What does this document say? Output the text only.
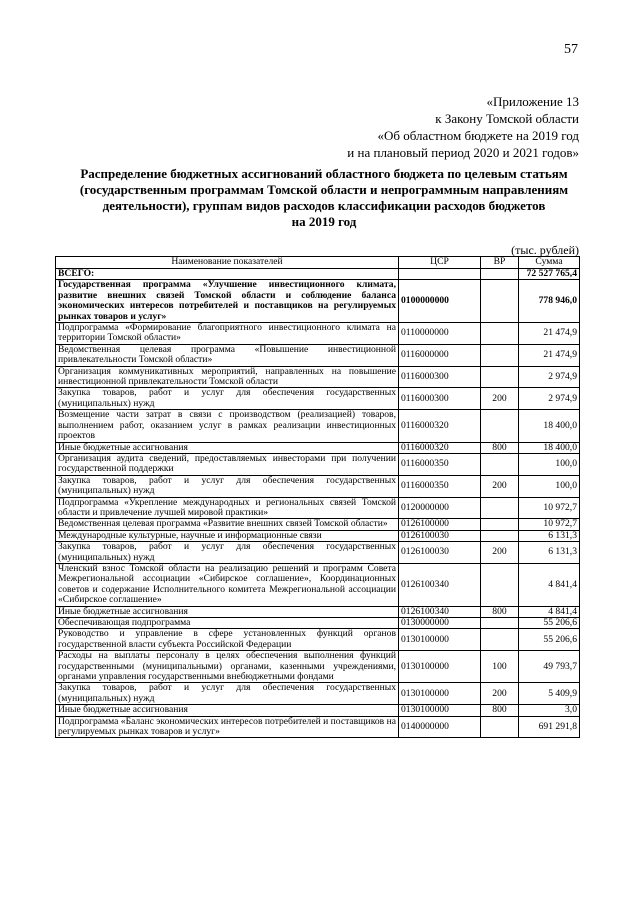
57
«Приложение 13
к Закону Томской области
«Об областном бюджете на 2019 год
и на плановый период 2020 и 2021 годов»
Распределение бюджетных ассигнований областного бюджета по целевым статьям
(государственным программам Томской области и непрограммным направлениям
деятельности), группам видов расходов классификации расходов бюджетов
на 2019 год
(тыс. рублей)
Наименование показателей	ЦСР	ВР	Сумма
ВСЕГО:			72 527 765,4
Государственная программа «Улучшение инвестиционного климата, развитие внешних связей Томской области и соблюдение баланса экономических интересов потребителей и поставщиков на регулируемых рынках товаров и услуг»	0100000000		778 946,0
Подпрограмма «Формирование благоприятного инвестиционного климата на территории Томской области»	0110000000		21 474,9
Ведомственная целевая программа «Повышение инвестиционной привлекательности Томской области»	0116000000		21 474,9
Организация коммуникативных мероприятий, направленных на повышение инвестиционной привлекательности Томской области	0116000300		2 974,9
Закупка товаров, работ и услуг для обеспечения государственных (муниципальных) нужд	0116000300	200	2 974,9
Возмещение части затрат в связи с производством (реализацией) товаров, выполнением работ, оказанием услуг в рамках реализации инвестиционных проектов	0116000320		18 400,0
Иные бюджетные ассигнования	0116000320	800	18 400,0
Организация аудита сведений, предоставляемых инвесторами при получении государственной поддержки	0116000350		100,0
Закупка товаров, работ и услуг для обеспечения государственных (муниципальных) нужд	0116000350	200	100,0
Подпрограмма «Укрепление международных и региональных связей Томской области и привлечение лучшей мировой практики»	0120000000		10 972,7
Ведомственная целевая программа «Развитие внешних связей Томской области»	0126100000		10 972,7
Международные культурные, научные и информационные связи	0126100030		6 131,3
Закупка товаров, работ и услуг для обеспечения государственных (муниципальных) нужд	0126100030	200	6 131,3
Членский взнос Томской области на реализацию решений и программ Совета Межрегиональной ассоциации «Сибирское соглашение», Координационных советов и содержание Исполнительного комитета Межрегиональной ассоциации «Сибирское соглашение»	0126100340		4 841,4
Иные бюджетные ассигнования	0126100340	800	4 841,4
Обеспечивающая подпрограмма	0130000000		55 206,6
Руководство и управление в сфере установленных функций органов государственной власти субъекта Российской Федерации	0130100000		55 206,6
Расходы на выплаты персоналу в целях обеспечения выполнения функций государственными (муниципальными) органами, казенными учреждениями, органами управления государственными внебюджетными фондами	0130100000	100	49 793,7
Закупка товаров, работ и услуг для обеспечения государственных (муниципальных) нужд	0130100000	200	5 409,9
Иные бюджетные ассигнования	0130100000	800	3,0
Подпрограмма «Баланс экономических интересов потребителей и поставщиков на регулируемых рынках товаров и услуг»	0140000000		691 291,8
